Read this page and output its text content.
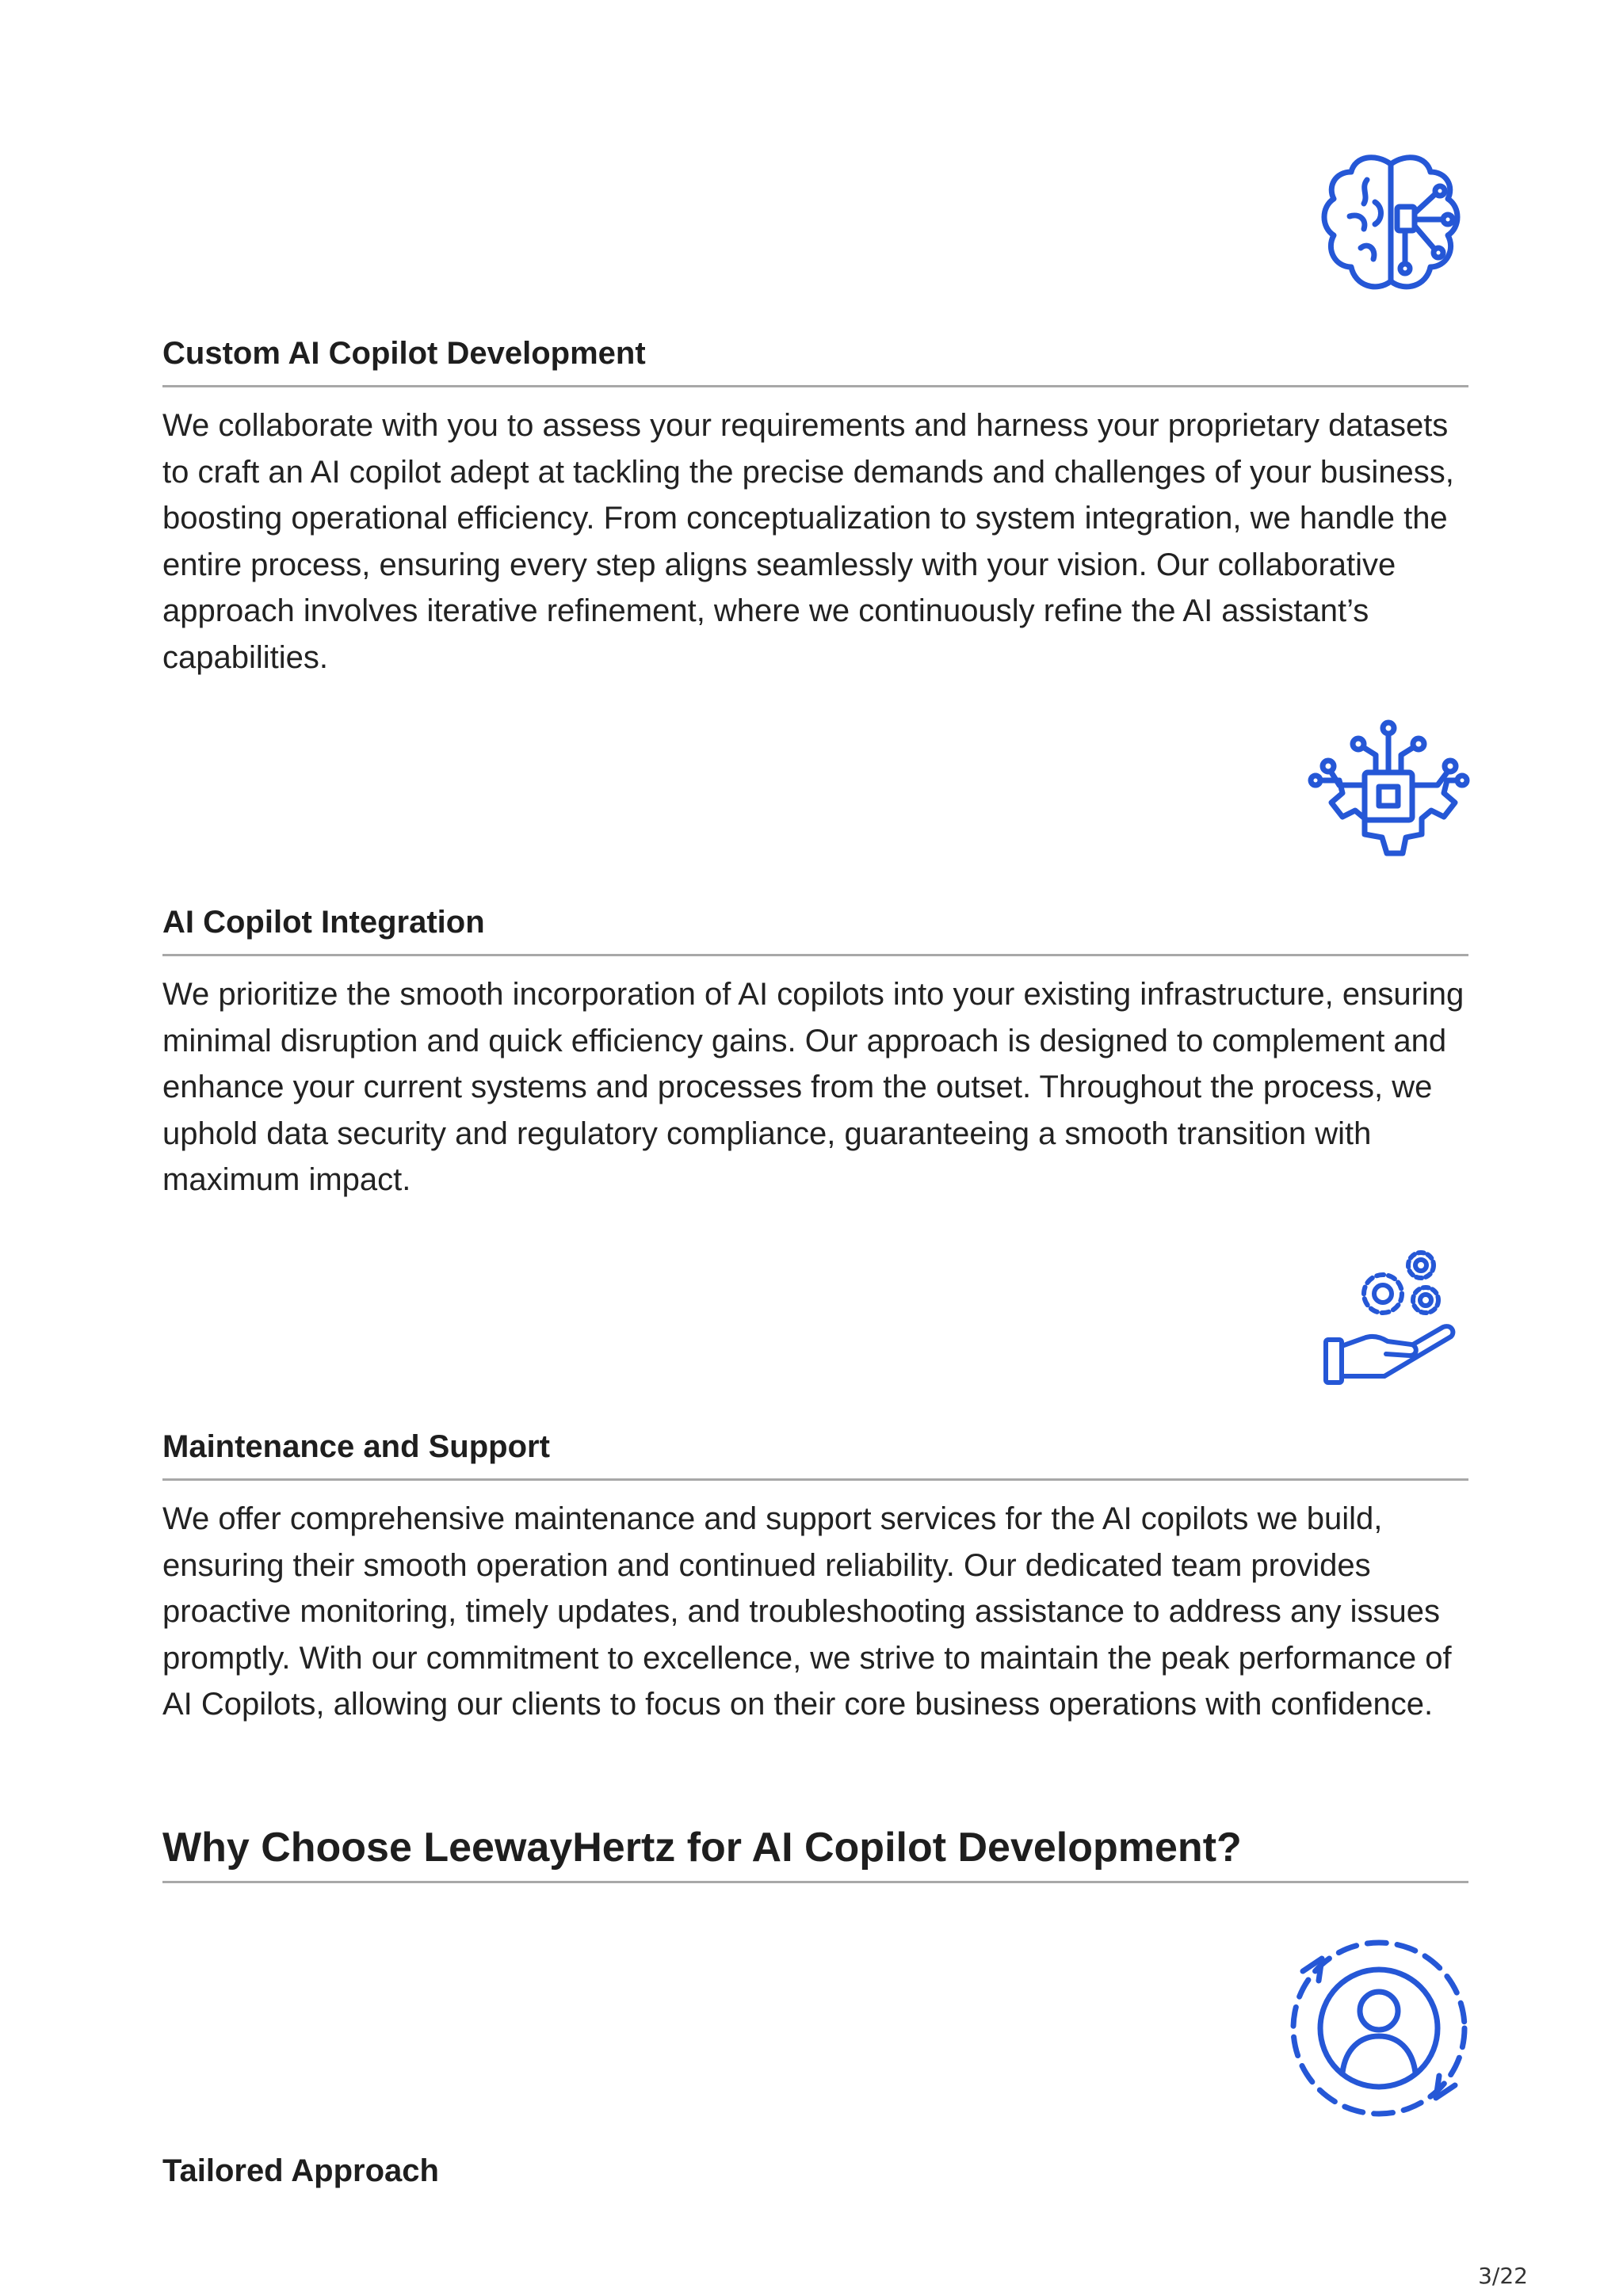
Custom AI Copilot Development
We collaborate with you to assess your requirements and harness your proprietary datasets to craft an AI copilot adept at tackling the precise demands and challenges of your business, boosting operational efficiency. From conceptualization to system integration, we handle the entire process, ensuring every step aligns seamlessly with your vision. Our collaborative approach involves iterative refinement, where we continuously refine the AI assistant’s capabilities.
AI Copilot Integration
We prioritize the smooth incorporation of AI copilots into your existing infrastructure, ensuring minimal disruption and quick efficiency gains. Our approach is designed to complement and enhance your current systems and processes from the outset. Throughout the process, we uphold data security and regulatory compliance, guaranteeing a smooth transition with maximum impact.
Maintenance and Support
We offer comprehensive maintenance and support services for the AI copilots we build, ensuring their smooth operation and continued reliability. Our dedicated team provides proactive monitoring, timely updates, and troubleshooting assistance to address any issues promptly. With our commitment to excellence, we strive to maintain the peak performance of AI Copilots, allowing our clients to focus on their core business operations with confidence.
Why Choose LeewayHertz for AI Copilot Development?
Tailored Approach
3/22
